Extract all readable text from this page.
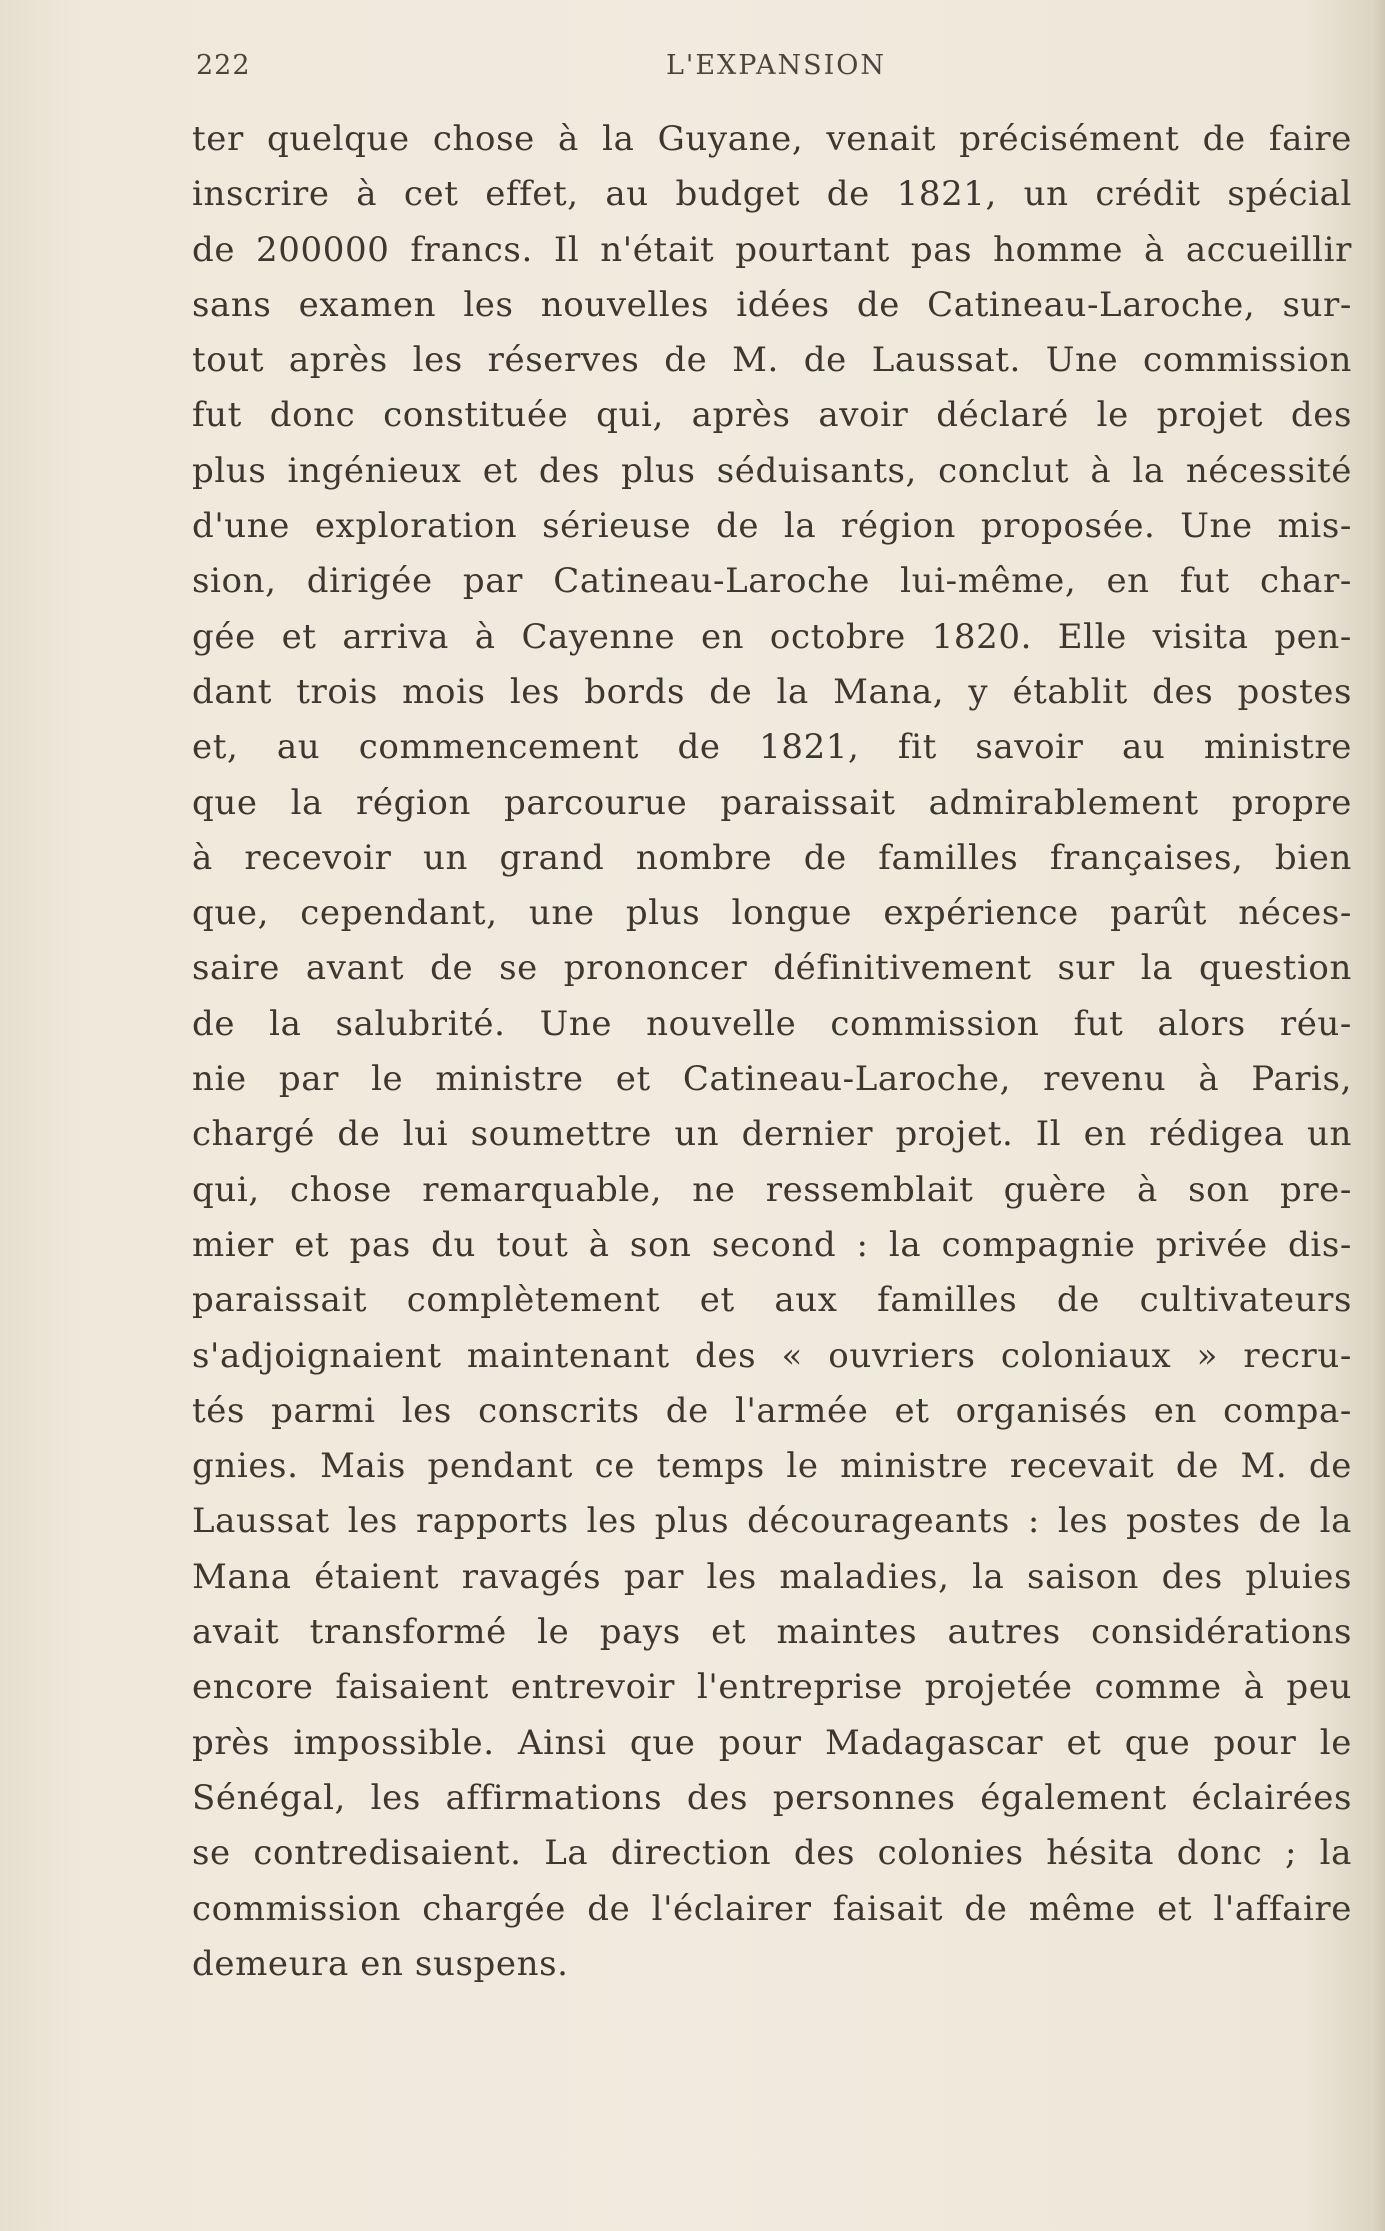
222	L'EXPANSION
ter quelque chose à la Guyane, venait précisément de faire
inscrire à cet effet, au budget de 1821, un crédit spécial
de 200000 francs. Il n'était pourtant pas homme à accueillir
sans examen les nouvelles idées de Catineau-Laroche, sur-
tout après les réserves de M. de Laussat. Une commission
fut donc constituée qui, après avoir déclaré le projet des
plus ingénieux et des plus séduisants, conclut à la nécessité
d'une exploration sérieuse de la région proposée. Une mis-
sion, dirigée par Catineau-Laroche lui-même, en fut char-
gée et arriva à Cayenne en octobre 1820. Elle visita pen-
dant trois mois les bords de la Mana, y établit des postes
et, au commencement de 1821, fit savoir au ministre
que la région parcourue paraissait admirablement propre
à recevoir un grand nombre de familles françaises, bien
que, cependant, une plus longue expérience parût néces-
saire avant de se prononcer définitivement sur la question
de la salubrité. Une nouvelle commission fut alors réu-
nie par le ministre et Catineau-Laroche, revenu à Paris,
chargé de lui soumettre un dernier projet. Il en rédigea un
qui, chose remarquable, ne ressemblait guère à son pre-
mier et pas du tout à son second : la compagnie privée dis-
paraissait complètement et aux familles de cultivateurs
s'adjoignaient maintenant des « ouvriers coloniaux » recru-
tés parmi les conscrits de l'armée et organisés en compa-
gnies. Mais pendant ce temps le ministre recevait de M. de
Laussat les rapports les plus décourageants : les postes de la
Mana étaient ravagés par les maladies, la saison des pluies
avait transformé le pays et maintes autres considérations
encore faisaient entrevoir l'entreprise projetée comme à peu
près impossible. Ainsi que pour Madagascar et que pour le
Sénégal, les affirmations des personnes également éclairées
se contredisaient. La direction des colonies hésita donc ; la
commission chargée de l'éclairer faisait de même et l'affaire
demeura en suspens.
